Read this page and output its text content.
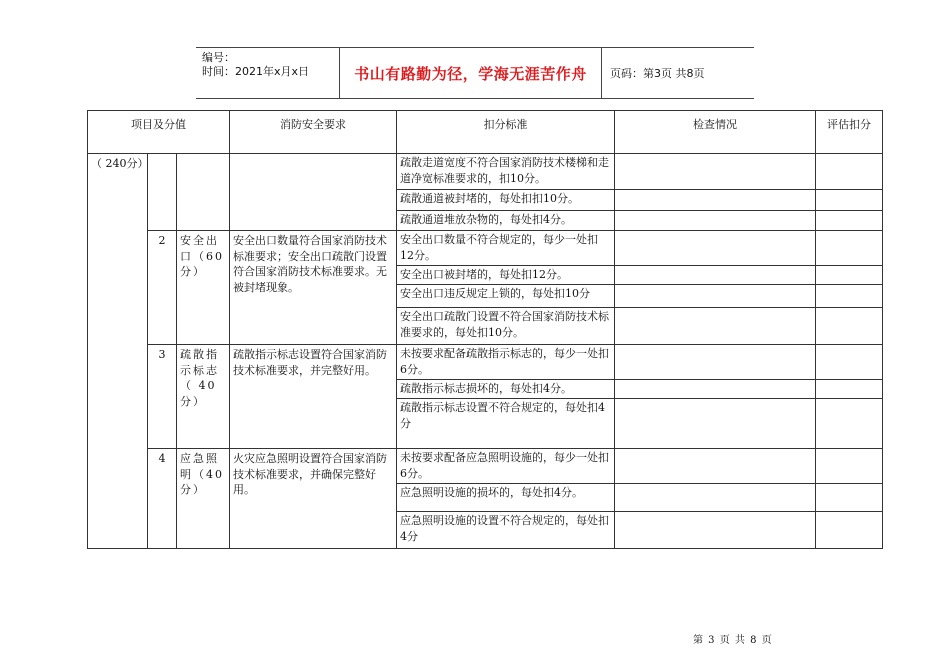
编号：
时间：2021年x月x日	书山有路勤为径，学海无涯苦作舟	页码：第3页 共8页
项目及分值			消防安全要求	扣分标准	检查情况	评估扣分
（ 240分）				疏散走道宽度不符合国家消防技术楼梯和走道净宽标准要求的，扣10分。		
				疏散通道被封堵的，每处扣扣10分。		
				疏散通道堆放杂物的，每处扣4分。		
	2	安全出口（60分）	安全出口数量符合国家消防技术标准要求；安全出口疏散门设置符合国家消防技术标准要求。无被封堵现象。	安全出口数量不符合规定的，每少一处扣12分。		
				安全出口被封堵的，每处扣12分。		
				安全出口违反规定上锁的，每处扣10分		
				安全出口疏散门设置不符合国家消防技术标准要求的，每处扣10分。		
	3	疏散指示标志（ 40分）	疏散指示标志设置符合国家消防技术标准要求，并完整好用。	未按要求配备疏散指示标志的，每少一处扣6分。		
				疏散指示标志损坏的，每处扣4分。		
				疏散指示标志设置不符合规定的，每处扣4分		
	4	应急照明（40分）	火灾应急照明设置符合国家消防技术标准要求，并确保完整好用。	未按要求配备应急照明设施的，每少一处扣6分。		
				应急照明设施的损坏的，每处扣4分。		
				应急照明设施的设置不符合规定的，每处扣4分		
第 3 页 共 8 页
